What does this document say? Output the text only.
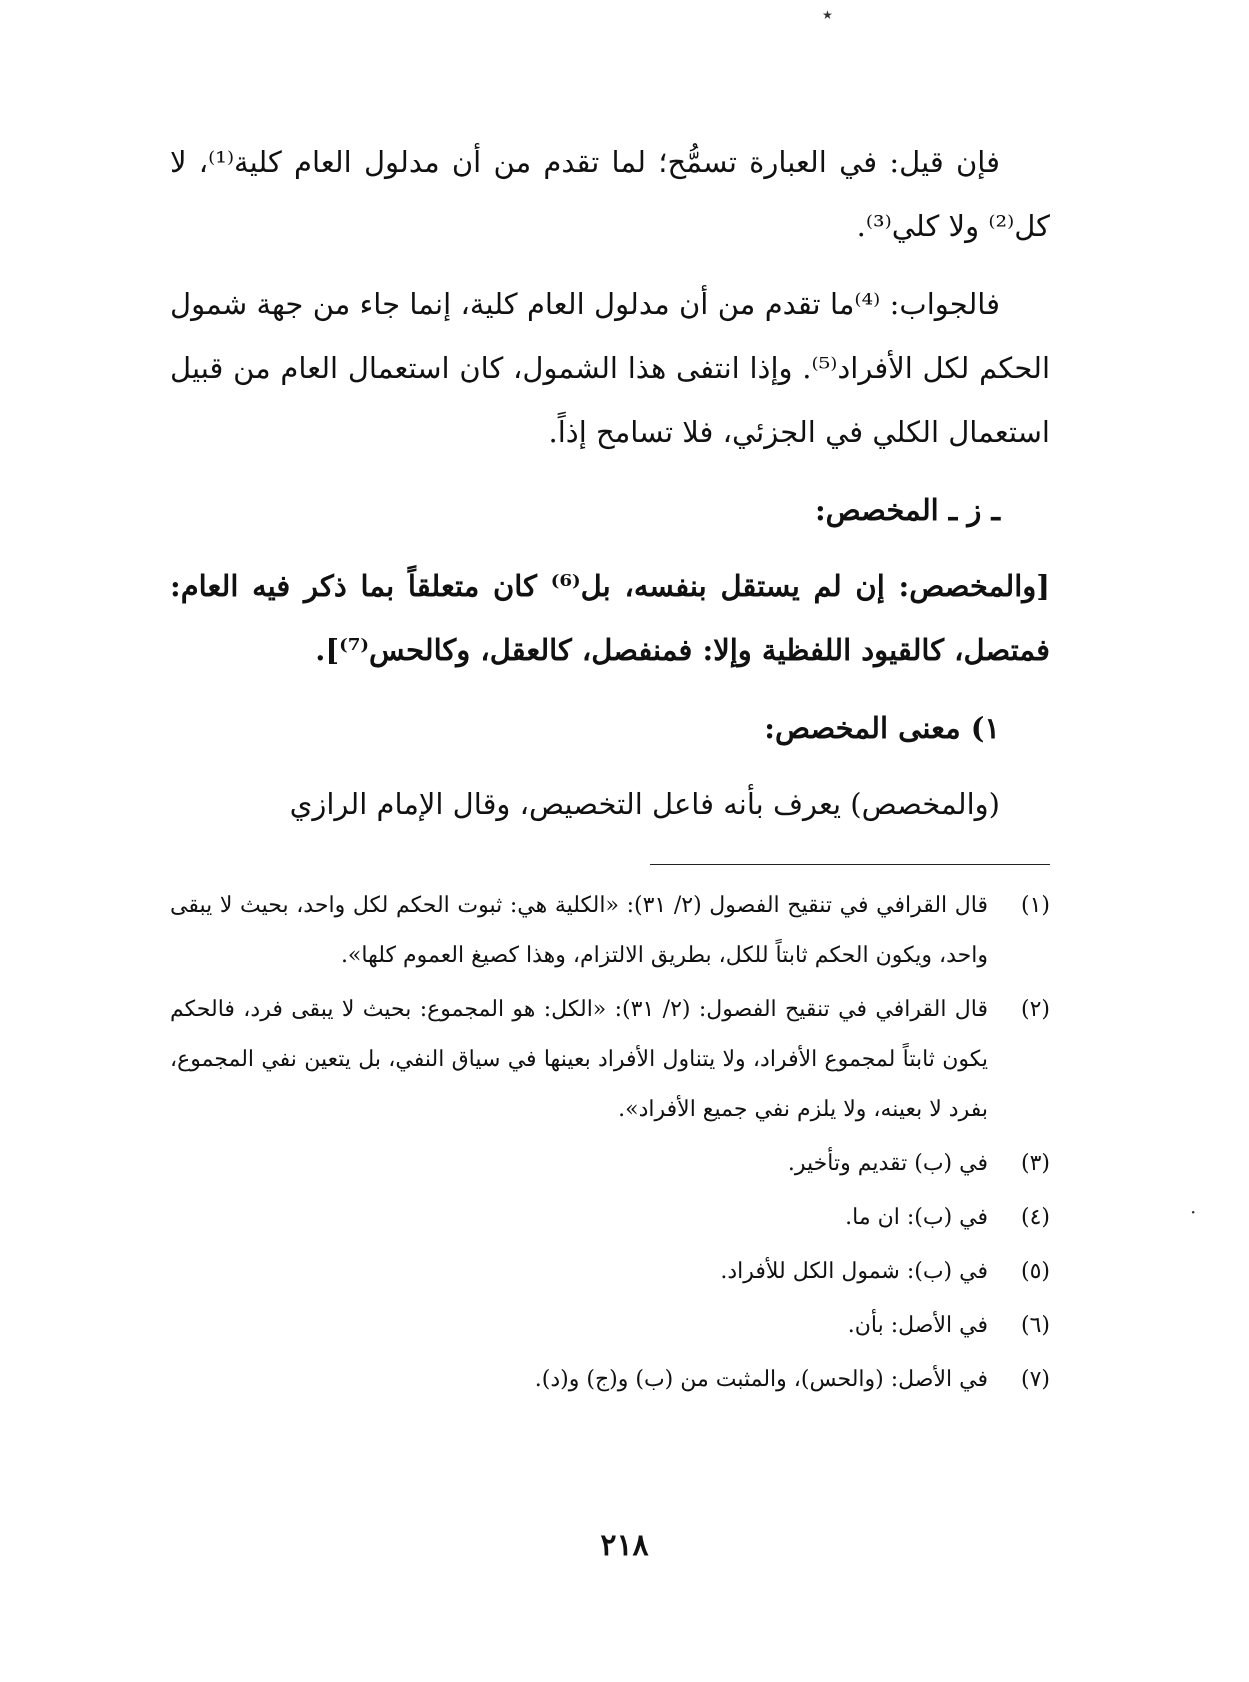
٭
·

فإن قيل: في العبارة تسمُّح؛ لما تقدم من أن مدلول العام كلية⁽¹⁾، لا كل⁽²⁾ ولا كلي⁽³⁾.

فالجواب: ⁽⁴⁾ما تقدم من أن مدلول العام كلية، إنما جاء من جهة شمول الحكم لكل الأفراد⁽⁵⁾. وإذا انتفى هذا الشمول، كان استعمال العام من قبيل استعمال الكلي في الجزئي، فلا تسامح إذاً.

ـ ز ـ المخصص:

[والمخصص: إن لم يستقل بنفسه، بل⁽⁶⁾ كان متعلقاً بما ذكر فيه العام: فمتصل، كالقيود اللفظية وإلا: فمنفصل، كالعقل، وكالحس⁽⁷⁾].

١) معنى المخصص:

(والمخصص) يعرف بأنه فاعل التخصيص، وقال الإمام الرازي

(١)
قال القرافي في تنقيح الفصول (٢/ ٣١): «الكلية هي: ثبوت الحكم لكل واحد، بحيث لا يبقى واحد، ويكون الحكم ثابتاً للكل، بطريق الالتزام، وهذا كصيغ العموم كلها».
(٢)
قال القرافي في تنقيح الفصول: (٢/ ٣١): «الكل: هو المجموع: بحيث لا يبقى فرد، فالحكم يكون ثابتاً لمجموع الأفراد، ولا يتناول الأفراد بعينها في سياق النفي، بل يتعين نفي المجموع، بفرد لا بعينه، ولا يلزم نفي جميع الأفراد».
(٣)
في (ب) تقديم وتأخير.
(٤)
في (ب): ان ما.
(٥)
في (ب): شمول الكل للأفراد.
(٦)
في الأصل: بأن.
(٧)
في الأصل: (والحس)، والمثبت من (ب) و(ج) و(د).
٢١٨
